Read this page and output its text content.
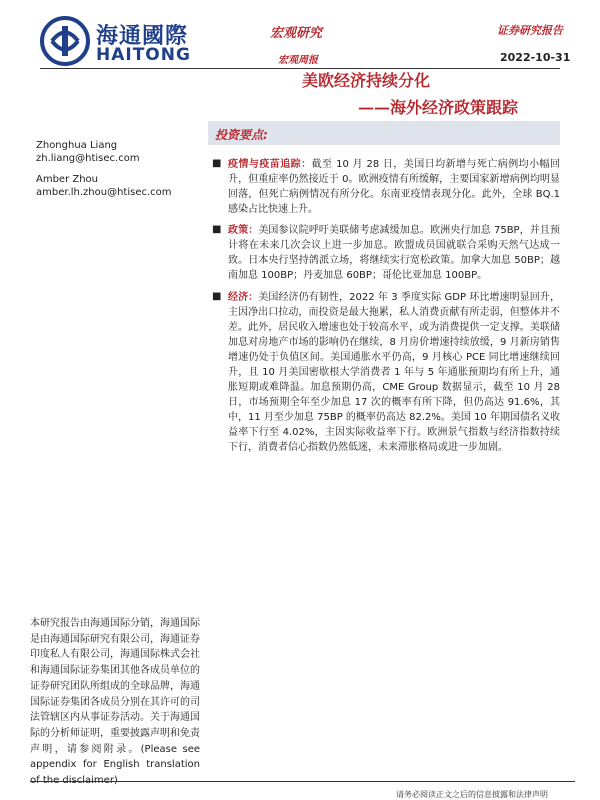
海通國際
HAITONG
宏观研究	证券研究报告
宏观周报	2022-10-31
美欧经济持续分化
——海外经济政策跟踪
Zhonghua Liang
zh.liang@htisec.com
Amber Zhou
amber.lh.zhou@htisec.com
投资要点:
■ 疫情与疫苗追踪：截至 10 月 28 日，美国日均新增与死亡病例均小幅回升，但重症率仍然接近于 0。欧洲疫情有所缓解，主要国家新增病例均明显回落，但死亡病例情况有所分化。东南亚疫情表现分化。此外，全球 BQ.1 感染占比快速上升。
■ 政策：美国参议院呼吁美联储考虑减缓加息。欧洲央行加息 75BP，并且预计将在未来几次会议上进一步加息。欧盟成员国就联合采购天然气达成一致。日本央行坚持鸽派立场，将继续实行宽松政策。加拿大加息 50BP；越南加息 100BP；丹麦加息 60BP；哥伦比亚加息 100BP。
■ 经济：美国经济仍有韧性，2022 年 3 季度实际 GDP 环比增速明显回升，主因净出口拉动，而投资是最大拖累，私人消费贡献有所走弱，但整体并不差。此外，居民收入增速也处于较高水平，或为消费提供一定支撑。美联储加息对房地产市场的影响仍在继续，8 月房价增速持续放缓，9 月新房销售增速仍处于负值区间。美国通胀水平仍高，9 月核心 PCE 同比增速继续回升，且 10 月美国密歇根大学消费者 1 年与 5 年通胀预期均有所上升，通胀短期或难降温。加息预期仍高，CME Group 数据显示，截至 10 月 28 日，市场预期全年至少加息 17 次的概率有所下降，但仍高达 91.6%，其中，11 月至少加息 75BP 的概率仍高达 82.2%。美国 10 年期国债名义收益率下行至 4.02%，主因实际收益率下行。欧洲景气指数与经济指数持续下行，消费者信心指数仍然低迷，未来滞胀格局或进一步加剧。
本研究报告由海通国际分销，海通国际是由海通国际研究有限公司，海通证券印度私人有限公司，海通国际株式会社和海通国际证券集团其他各成员单位的证券研究团队所组成的全球品牌，海通国际证券集团各成员分别在其许可的司法管辖区内从事证券活动。关于海通国际的分析师证明，重要披露声明和免责声明，请参阅附录。(Please see appendix for English translation
请务必阅读正文之后的信息披露和法律声明
